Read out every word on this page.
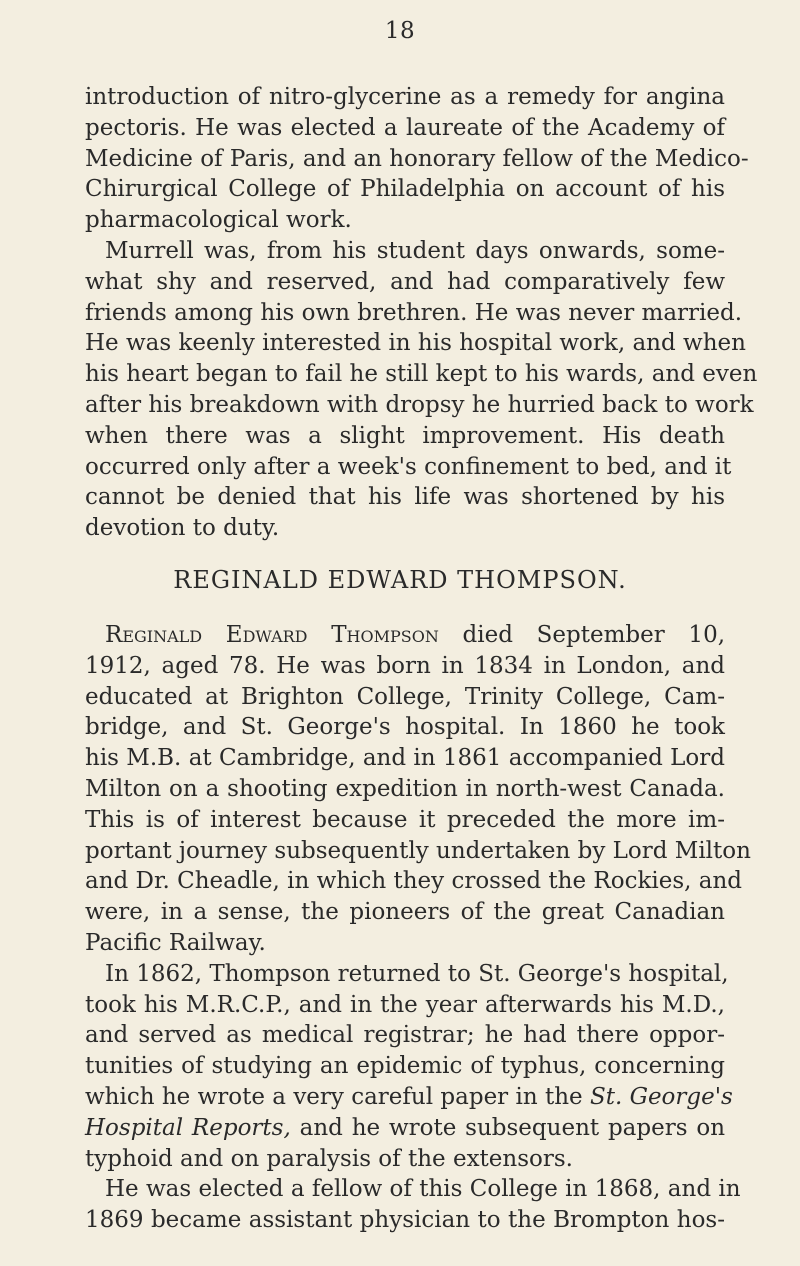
18
introduction of nitro-glycerine as a remedy for angina
pectoris. He was elected a laureate of the Academy of
Medicine of Paris, and an honorary fellow of the Medico-
Chirurgical College of Philadelphia on account of his
pharmacological work.
Murrell was, from his student days onwards, some-
what shy and reserved, and had comparatively few
friends among his own brethren. He was never married.
He was keenly interested in his hospital work, and when
his heart began to fail he still kept to his wards, and even
after his breakdown with dropsy he hurried back to work
when there was a slight improvement. His death
occurred only after a week's confinement to bed, and it
cannot be denied that his life was shortened by his
devotion to duty.
REGINALD EDWARD THOMPSON.
Reginald Edward Thompson died September 10,
1912, aged 78. He was born in 1834 in London, and
educated at Brighton College, Trinity College, Cam-
bridge, and St. George's hospital. In 1860 he took
his M.B. at Cambridge, and in 1861 accompanied Lord
Milton on a shooting expedition in north-west Canada.
This is of interest because it preceded the more im-
portant journey subsequently undertaken by Lord Milton
and Dr. Cheadle, in which they crossed the Rockies, and
were, in a sense, the pioneers of the great Canadian
Pacific Railway.
In 1862, Thompson returned to St. George's hospital,
took his M.R.C.P., and in the year afterwards his M.D.,
and served as medical registrar; he had there oppor-
tunities of studying an epidemic of typhus, concerning
which he wrote a very careful paper in the St. George's
Hospital Reports, and he wrote subsequent papers on
typhoid and on paralysis of the extensors.
He was elected a fellow of this College in 1868, and in
1869 became assistant physician to the Brompton hos-
